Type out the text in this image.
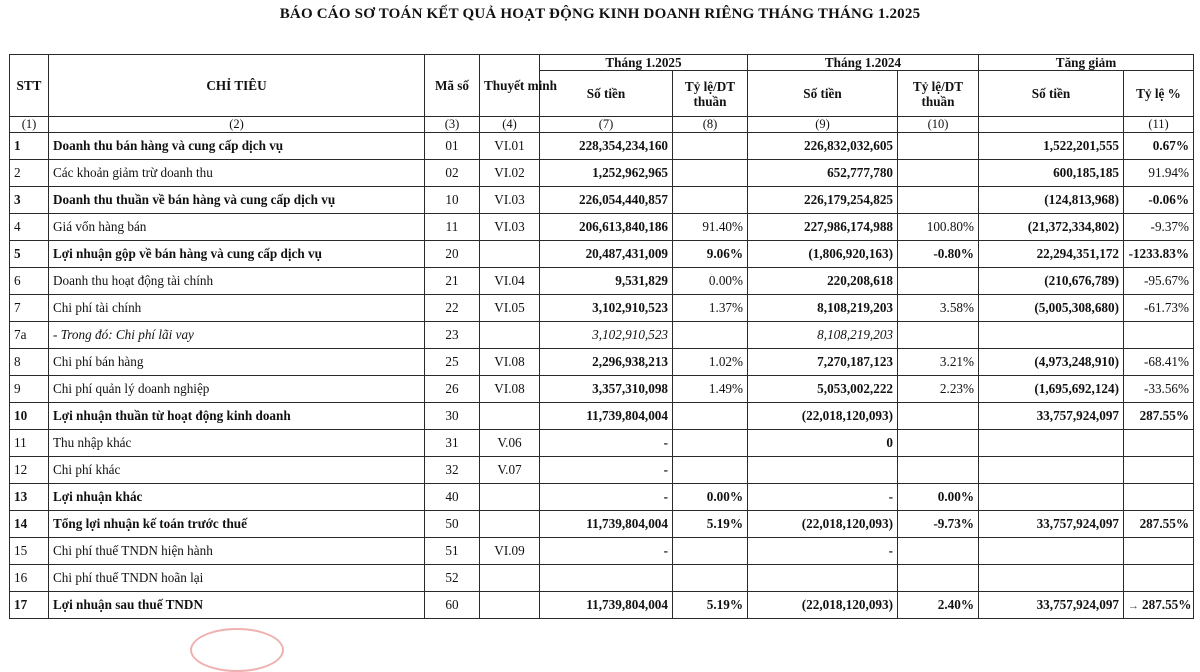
BÁO CÁO SƠ TOÁN KẾT QUẢ HOẠT ĐỘNG KINH DOANH RIÊNG THÁNG THÁNG 1.2025
STT	CHỈ TIÊU	Mã số	Thuyết minh	Tháng 1.2025		Tháng 1.2024		Tăng giảm	
				Số tiền	Tỷ lệ/DT thuần	Số tiền	Tỷ lệ/DT thuần	Số tiền	Tỷ lệ %
(1)	(2)	(3)	(4)	(7)	(8)	(9)	(10)		(11)
1	Doanh thu bán hàng và cung cấp dịch vụ	01	VI.01	228,354,234,160		226,832,032,605		1,522,201,555	0.67%
2	Các khoản giảm trừ doanh thu	02	VI.02	1,252,962,965		652,777,780		600,185,185	91.94%
3	Doanh thu thuần về bán hàng và cung cấp dịch vụ	10	VI.03	226,054,440,857		226,179,254,825		(124,813,968)	-0.06%
4	Giá vốn hàng bán	11	VI.03	206,613,840,186	91.40%	227,986,174,988	100.80%	(21,372,334,802)	-9.37%
5	Lợi nhuận gộp về bán hàng và cung cấp dịch vụ	20		20,487,431,009	9.06%	(1,806,920,163)	-0.80%	22,294,351,172	-1233.83%
6	Doanh thu hoạt động tài chính	21	VI.04	9,531,829	0.00%	220,208,618		(210,676,789)	-95.67%
7	Chi phí tài chính	22	VI.05	3,102,910,523	1.37%	8,108,219,203	3.58%	(5,005,308,680)	-61.73%
7a	- Trong đó: Chi phí lãi vay	23		3,102,910,523		8,108,219,203			
8	Chi phí bán hàng	25	VI.08	2,296,938,213	1.02%	7,270,187,123	3.21%	(4,973,248,910)	-68.41%
9	Chi phí quản lý doanh nghiệp	26	VI.08	3,357,310,098	1.49%	5,053,002,222	2.23%	(1,695,692,124)	-33.56%
10	Lợi nhuận thuần từ hoạt động kinh doanh	30		11,739,804,004		(22,018,120,093)		33,757,924,097	287.55%
11	Thu nhập khác	31	V.06	-		0			
12	Chi phí khác	32	V.07	-					
13	Lợi nhuận khác	40		-	0.00%	-	0.00%		
14	Tổng lợi nhuận kế toán trước thuế	50		11,739,804,004	5.19%	(22,018,120,093)	-9.73%	33,757,924,097	287.55%
15	Chi phí thuế TNDN hiện hành	51	VI.09	-		-			
16	Chi phí thuế TNDN hoãn lại	52							
17	Lợi nhuận sau thuế TNDN	60		11,739,804,004	5.19%	(22,018,120,093)	2.40%	33,757,924,097	→ 287.55%
